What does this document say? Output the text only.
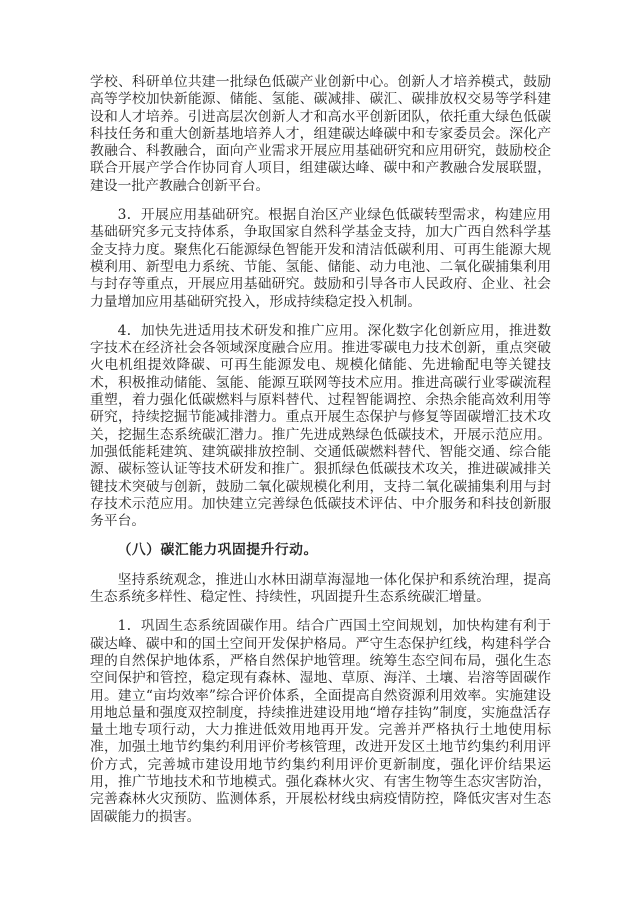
学校、科研单位共建一批绿色低碳产业创新中心。创新人才培养模式，鼓励高等学校加快新能源、储能、氢能、碳减排、碳汇、碳排放权交易等学科建设和人才培养。引进高层次创新人才和高水平创新团队，依托重大绿色低碳科技任务和重大创新基地培养人才，组建碳达峰碳中和专家委员会。深化产教融合、科教融合，面向产业需求开展应用基础研究和应用研究，鼓励校企联合开展产学合作协同育人项目，组建碳达峰、碳中和产教融合发展联盟，建设一批产教融合创新平台。

3．开展应用基础研究。根据自治区产业绿色低碳转型需求，构建应用基础研究多元支持体系，争取国家自然科学基金支持，加大广西自然科学基金支持力度。聚焦化石能源绿色智能开发和清洁低碳利用、可再生能源大规模利用、新型电力系统、节能、氢能、储能、动力电池、二氧化碳捕集利用与封存等重点，开展应用基础研究。鼓励和引导各市人民政府、企业、社会力量增加应用基础研究投入，形成持续稳定投入机制。

4．加快先进适用技术研发和推广应用。深化数字化创新应用，推进数字技术在经济社会各领域深度融合应用。推进零碳电力技术创新，重点突破火电机组提效降碳、可再生能源发电、规模化储能、先进输配电等关键技术，积极推动储能、氢能、能源互联网等技术应用。推进高碳行业零碳流程重塑，着力强化低碳燃料与原料替代、过程智能调控、余热余能高效利用等研究，持续挖掘节能减排潜力。重点开展生态保护与修复等固碳增汇技术攻关，挖掘生态系统碳汇潜力。推广先进成熟绿色低碳技术，开展示范应用。加强低能耗建筑、建筑碳排放控制、交通低碳燃料替代、智能交通、综合能源、碳标签认证等技术研发和推广。狠抓绿色低碳技术攻关，推进碳减排关键技术突破与创新，鼓励二氧化碳规模化利用，支持二氧化碳捕集利用与封存技术示范应用。加快建立完善绿色低碳技术评估、中介服务和科技创新服务平台。

（八）碳汇能力巩固提升行动。

坚持系统观念，推进山水林田湖草海湿地一体化保护和系统治理，提高生态系统多样性、稳定性、持续性，巩固提升生态系统碳汇增量。

1．巩固生态系统固碳作用。结合广西国土空间规划，加快构建有利于碳达峰、碳中和的国土空间开发保护格局。严守生态保护红线，构建科学合理的自然保护地体系，严格自然保护地管理。统筹生态空间布局，强化生态空间保护和管控，稳定现有森林、湿地、草原、海洋、土壤、岩溶等固碳作用。建立“亩均效率”综合评价体系，全面提高自然资源利用效率。实施建设用地总量和强度双控制度，持续推进建设用地“增存挂钩”制度，实施盘活存量土地专项行动，大力推进低效用地再开发。完善并严格执行土地使用标准，加强土地节约集约利用评价考核管理，改进开发区土地节约集约利用评价方式，完善城市建设用地节约集约利用评价更新制度，强化评价结果运用，推广节地技术和节地模式。强化森林火灾、有害生物等生态灾害防治，完善森林火灾预防、监测体系，开展松材线虫病疫情防控，降低灾害对生态固碳能力的损害。
